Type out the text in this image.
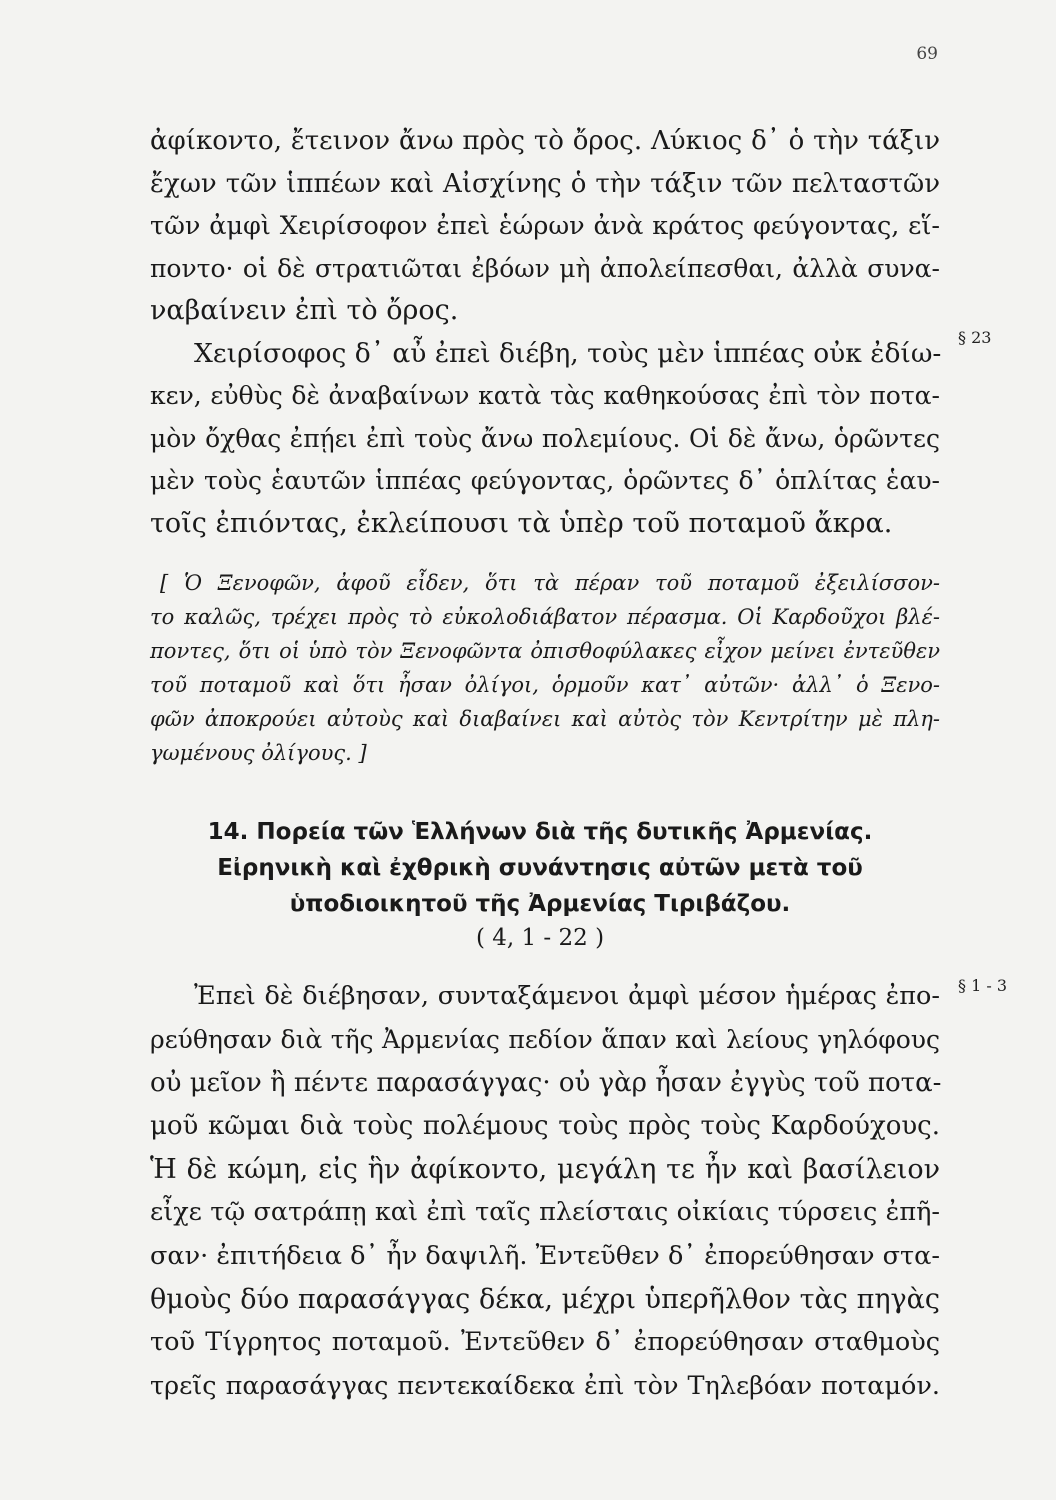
69
ἀφίκοντο, ἔτεινον ἄνω πρὸς τὸ ὄρος. Λύκιος δ᾽ ὁ τὴν τάξιν
ἔχων τῶν ἱππέων καὶ Αἰσχίνης ὁ τὴν τάξιν τῶν πελταστῶν
τῶν ἀμφὶ Χειρίσοφον ἐπεὶ ἑώρων ἀνὰ κράτος φεύγοντας, εἵ-
ποντο· οἱ δὲ στρατιῶται ἐβόων μὴ ἀπολείπεσθαι, ἀλλὰ συνα-
ναβαίνειν ἐπὶ τὸ ὄρος.
Χειρίσοφος δ᾽ αὖ ἐπεὶ διέβη, τοὺς μὲν ἱππέας οὐκ ἐδίω-
κεν, εὐθὺς δὲ ἀναβαίνων κατὰ τὰς καθηκούσας ἐπὶ τὸν ποτα-
μὸν ὄχθας ἐπῄει ἐπὶ τοὺς ἄνω πολεμίους. Οἱ δὲ ἄνω, ὁρῶντες
μὲν τοὺς ἑαυτῶν ἱππέας φεύγοντας, ὁρῶντες δ᾽ ὁπλίτας ἑαυ-
τοῖς ἐπιόντας, ἐκλείπουσι τὰ ὑπὲρ τοῦ ποταμοῦ ἄκρα.
§ 23
[ Ὁ Ξενοφῶν, ἀφοῦ εἶδεν, ὅτι τὰ πέραν τοῦ ποταμοῦ ἐξειλίσσον-
το καλῶς, τρέχει πρὸς τὸ εὐκολοδιάβατον πέρασμα. Οἱ Καρδοῦχοι βλέ-
ποντες, ὅτι οἱ ὑπὸ τὸν Ξενοφῶντα ὀπισθοφύλακες εἶχον μείνει ἐντεῦθεν
τοῦ ποταμοῦ καὶ ὅτι ἦσαν ὀλίγοι, ὁρμοῦν κατ᾽ αὐτῶν· ἀλλ᾽ ὁ Ξενο-
φῶν ἀποκρούει αὐτοὺς καὶ διαβαίνει καὶ αὐτὸς τὸν Κεντρίτην μὲ πλη-
γωμένους ὀλίγους. ]
14. Πορεία τῶν Ἑλλήνων διὰ τῆς δυτικῆς Ἀρμενίας.
Εἰρηνικὴ καὶ ἐχθρικὴ συνάντησις αὐτῶν μετὰ τοῦ
ὑποδιοικητοῦ τῆς Ἀρμενίας Τιριβάζου.
( 4, 1 - 22 )
Ἐπεὶ δὲ διέβησαν, συνταξάμενοι ἀμφὶ μέσον ἡμέρας ἐπο-
ρεύθησαν διὰ τῆς Ἀρμενίας πεδίον ἅπαν καὶ λείους γηλόφους
οὐ μεῖον ἢ πέντε παρασάγγας· οὐ γὰρ ἦσαν ἐγγὺς τοῦ ποτα-
μοῦ κῶμαι διὰ τοὺς πολέμους τοὺς πρὸς τοὺς Καρδούχους.
Ἡ δὲ κώμη, εἰς ἣν ἀφίκοντο, μεγάλη τε ἦν καὶ βασίλειον
εἶχε τῷ σατράπῃ καὶ ἐπὶ ταῖς πλείσταις οἰκίαις τύρσεις ἐπῆ-
σαν· ἐπιτήδεια δ᾽ ἦν δαψιλῆ. Ἐντεῦθεν δ᾽ ἐπορεύθησαν στα-
θμοὺς δύο παρασάγγας δέκα, μέχρι ὑπερῆλθον τὰς πηγὰς
τοῦ Τίγρητος ποταμοῦ. Ἐντεῦθεν δ᾽ ἐπορεύθησαν σταθμοὺς
τρεῖς παρασάγγας πεντεκαίδεκα ἐπὶ τὸν Τηλεβόαν ποταμόν.
§ 1 - 3
